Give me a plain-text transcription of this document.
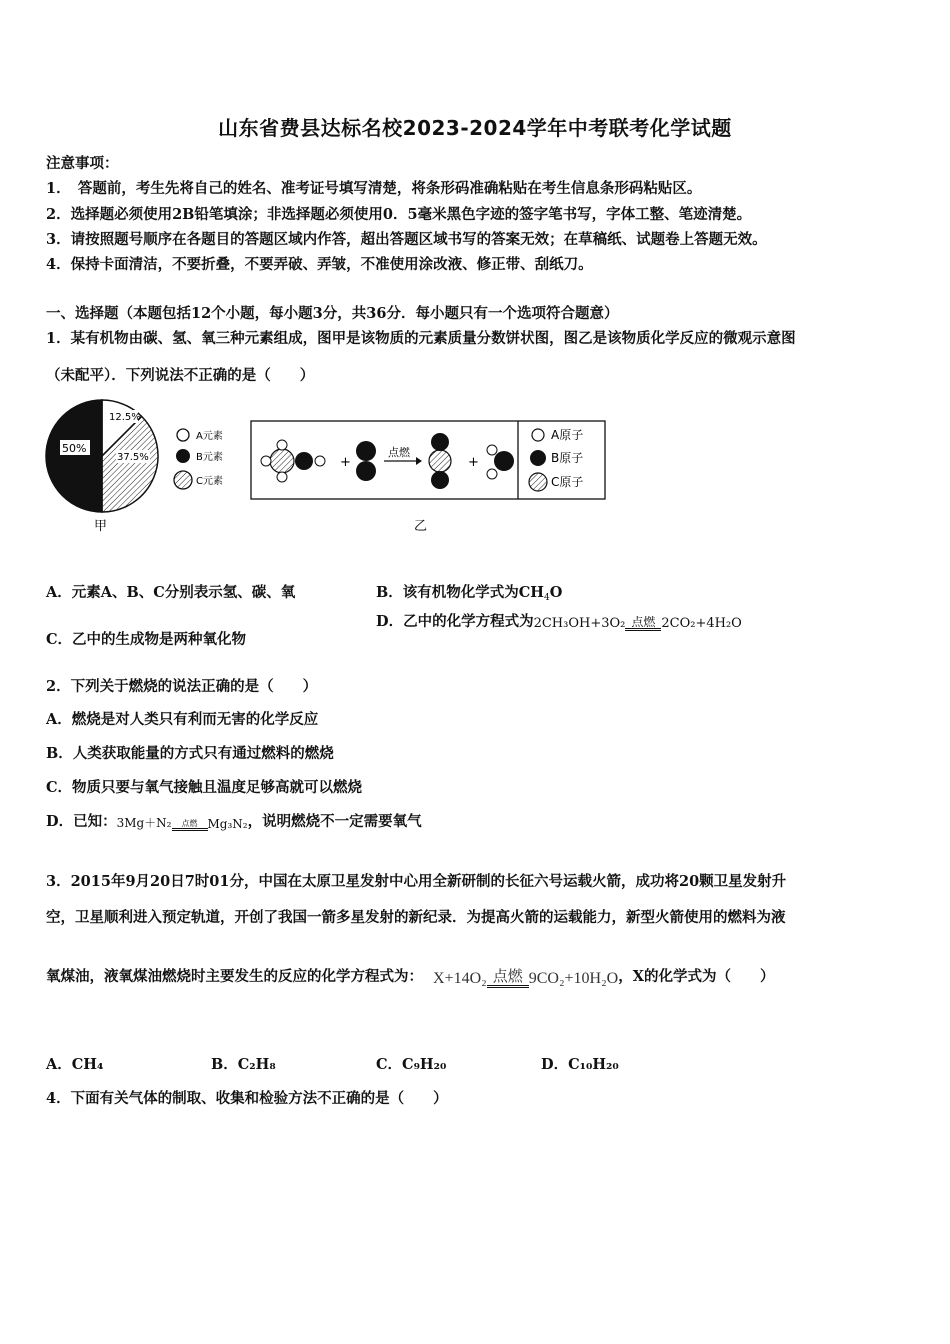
山东省费县达标名校2023-2024学年中考联考化学试题
注意事项：
1．　答题前，考生先将自己的姓名、准考证号填写清楚，将条形码准确粘贴在考生信息条形码粘贴区。
2．选择题必须使用2B铅笔填涂；非选择题必须使用0．5毫米黑色字迹的签字笔书写，字体工整、笔迹清楚。
3．请按照题号顺序在各题目的答题区域内作答，超出答题区域书写的答案无效；在草稿纸、试题卷上答题无效。
4．保持卡面清洁，不要折叠，不要弄破、弄皱，不准使用涂改液、修正带、刮纸刀。
一、选择题（本题包括12个小题，每小题3分，共36分．每小题只有一个选项符合题意）
1．某有机物由碳、氢、氧三种元素组成，图甲是该物质的元素质量分数饼状图，图乙是该物质化学反应的微观示意图
（未配平）．下列说法不正确的是（　　）
50%
12.5%
37.5%
A元素
B元素
C元素
甲
+
点燃
+
A原子
B原子
C原子
乙
A．元素A、B、C分别表示氢、碳、氧	B．该有机物化学式为$CH_4O$
C．乙中的生成物是两种氧化物
D．乙中的化学方程式为2CH₃OH+3O₂ 点燃 2CO₂+4H₂O
2．下列关于燃烧的说法正确的是（　　）
A．燃烧是对人类只有利而无害的化学反应
B．人类获取能量的方式只有通过燃料的燃烧
C．物质只要与氧气接触且温度足够高就可以燃烧
D．已知：3Mg＋N₂	点燃 Mg₃N₂，说明燃烧不一定需要氧气
3．2015年9月20日7时01分，中国在太原卫星发射中心用全新研制的长征六号运载火箭，成功将20颗卫星发射升
空，卫星顺利进入预定轨道，开创了我国一箭多星发射的新纪录．为提高火箭的运载能力，新型火箭使用的燃料为液
氧煤油，液氧煤油燃烧时主要发生的反应的化学方程式为： X+14O₂ 点燃 9CO₂+10H₂O，X的化学式为（　　）
A．CH₄	B．C₂H₈	C．C₉H₂₀	D．C₁₀H₂₀
4．下面有关气体的制取、收集和检验方法不正确的是（　　）
